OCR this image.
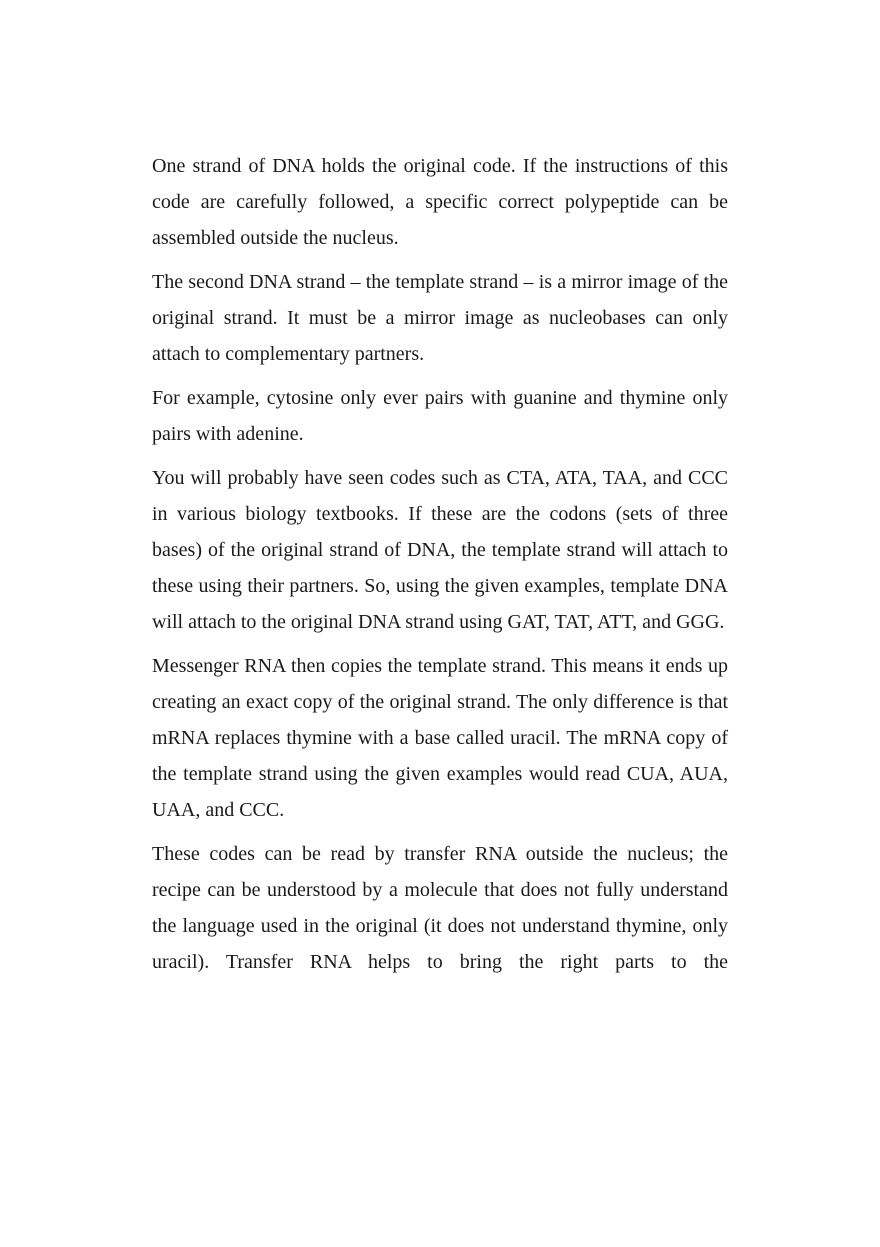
One strand of DNA holds the original code. If the instructions of this code are carefully followed, a specific correct polypeptide can be assembled outside the nucleus.

The second DNA strand – the template strand – is a mirror image of the original strand. It must be a mirror image as nucleobases can only attach to complementary partners.

For example, cytosine only ever pairs with guanine and thymine only pairs with adenine.

You will probably have seen codes such as CTA, ATA, TAA, and CCC in various biology textbooks. If these are the codons (sets of three bases) of the original strand of DNA, the template strand will attach to these using their partners. So, using the given examples, template DNA will attach to the original DNA strand using GAT, TAT, ATT, and GGG.

Messenger RNA then copies the template strand. This means it ends up creating an exact copy of the original strand. The only difference is that mRNA replaces thymine with a base called uracil. The mRNA copy of the template strand using the given examples would read CUA, AUA, UAA, and CCC.

These codes can be read by transfer RNA outside the nucleus; the recipe can be understood by a molecule that does not fully understand the language used in the original (it does not understand thymine, only uracil). Transfer RNA helps to bring the right parts to the
